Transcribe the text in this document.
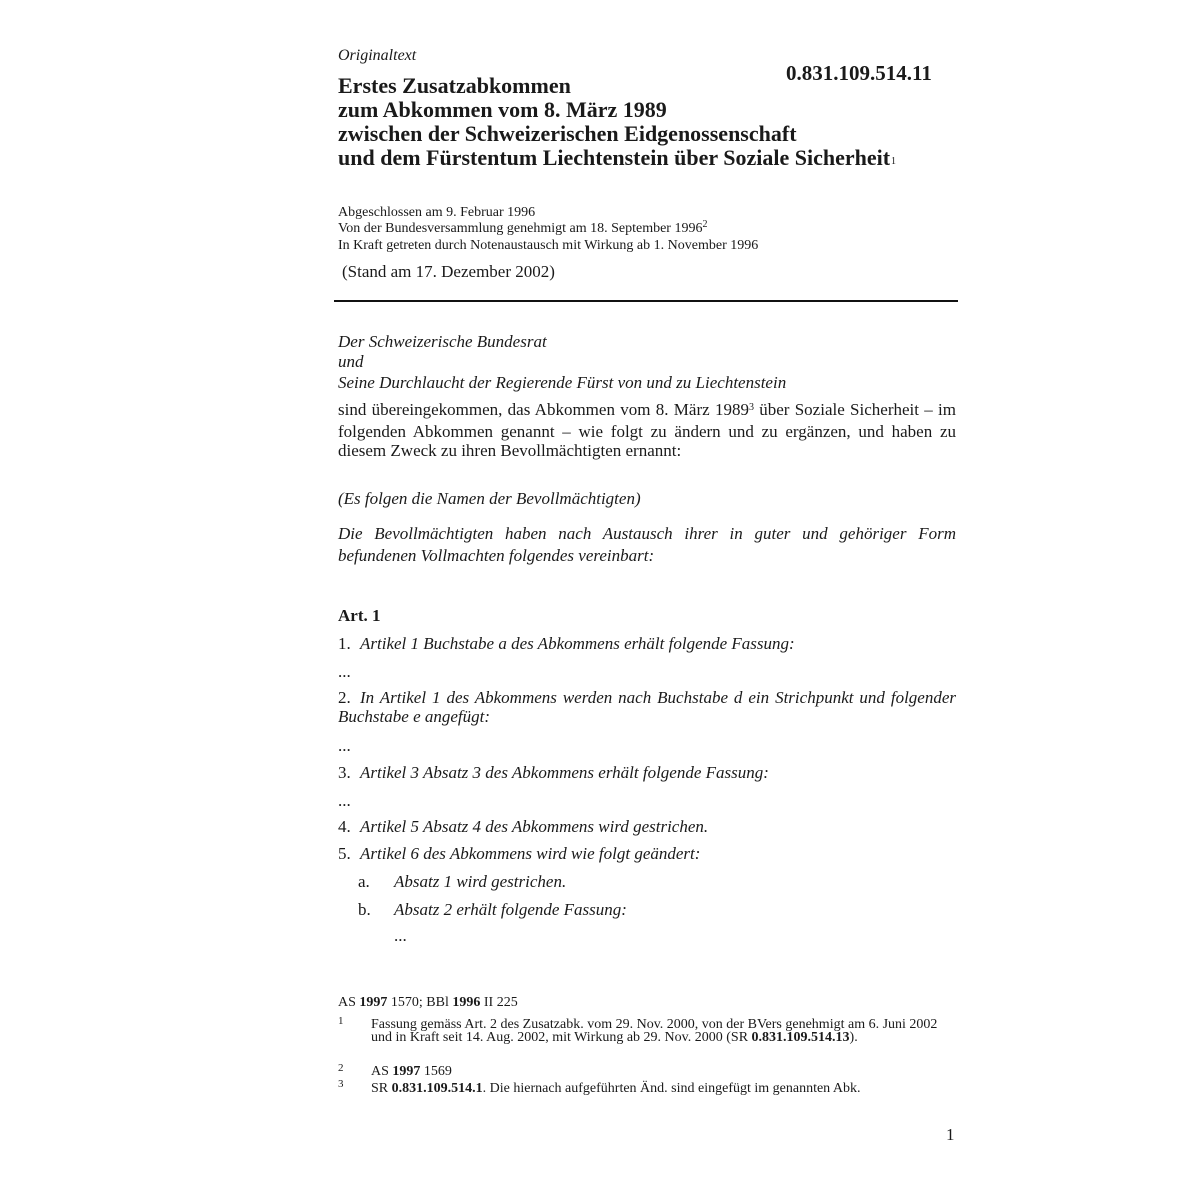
Originaltext
0.831.109.514.11
Erstes Zusatzabkommen
zum Abkommen vom 8. März 1989
zwischen der Schweizerischen Eidgenossenschaft
und dem Fürstentum Liechtenstein über Soziale Sicherheit$^1$
Abgeschlossen am 9. Februar 1996
Von der Bundesversammlung genehmigt am 18. September 1996$^2$
In Kraft getreten durch Notenaustausch mit Wirkung ab 1. November 1996
(Stand am 17. Dezember 2002)
Der Schweizerische Bundesrat
und
Seine Durchlaucht der Regierende Fürst von und zu Liechtenstein
sind übereingekommen, das Abkommen vom 8. März 1989$^3$ über Soziale Sicherheit – im folgenden Abkommen genannt – wie folgt zu ändern und zu ergänzen, und haben zu diesem Zweck zu ihren Bevollmächtigten ernannt:
(Es folgen die Namen der Bevollmächtigten)
Die Bevollmächtigten haben nach Austausch ihrer in guter und gehöriger Form befundenen Vollmachten folgendes vereinbart:
Art. 1
1. Artikel 1 Buchstabe a des Abkommens erhält folgende Fassung:
...
2. In Artikel 1 des Abkommens werden nach Buchstabe d ein Strichpunkt und folgender Buchstabe e angefügt:
...
3. Artikel 3 Absatz 3 des Abkommens erhält folgende Fassung:
...
4. Artikel 5 Absatz 4 des Abkommens wird gestrichen.
5. Artikel 6 des Abkommens wird wie folgt geändert:
a. Absatz 1 wird gestrichen.
b. Absatz 2 erhält folgende Fassung:
...
AS 1997 1570; BBl 1996 II 225
1 Fassung gemäss Art. 2 des Zusatzabk. vom 29. Nov. 2000, von der BVers genehmigt am 6. Juni 2002 und in Kraft seit 14. Aug. 2002, mit Wirkung ab 29. Nov. 2000 (SR 0.831.109.514.13).
2 AS 1997 1569
3 SR 0.831.109.514.1. Die hiernach aufgeführten Änd. sind eingefügt im genannten Abk.
1
